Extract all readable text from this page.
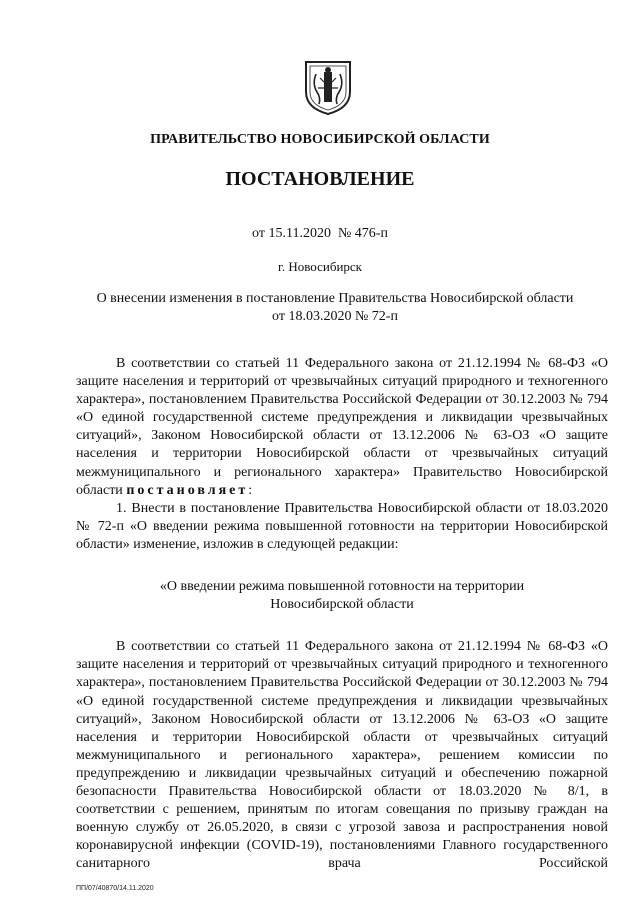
ПРАВИТЕЛЬСТВО НОВОСИБИРСКОЙ ОБЛАСТИ
ПОСТАНОВЛЕНИЕ
от 15.11.2020  № 476-п
г. Новосибирск
О внесении изменения в постановление Правительства Новосибирской области
от 18.03.2020 № 72-п

В соответствии со статьей 11 Федерального закона от 21.12.1994 № 68-ФЗ «О защите населения и территорий от чрезвычайных ситуаций природного и техногенного характера», постановлением Правительства Российской Федерации от 30.12.2003 № 794 «О единой государственной системе предупреждения и ликвидации чрезвычайных ситуаций», Законом Новосибирской области от 13.12.2006 № 63-ОЗ «О защите населения и территории Новосибирской области от чрезвычайных ситуаций межмуниципального и регионального характера» Правительство Новосибирской области постановляет:

1. Внести в постановление Правительства Новосибирской области от 18.03.2020 № 72-п «О введении режима повышенной готовности на территории Новосибирской области» изменение, изложив в следующей редакции:

«О введении режима повышенной готовности на территории
Новосибирской области

В соответствии со статьей 11 Федерального закона от 21.12.1994 № 68-ФЗ «О защите населения и территорий от чрезвычайных ситуаций природного и техногенного характера», постановлением Правительства Российской Федерации от 30.12.2003 № 794 «О единой государственной системе предупреждения и ликвидации чрезвычайных ситуаций», Законом Новосибирской области от 13.12.2006 № 63-ОЗ «О защите населения и территории Новосибирской области от чрезвычайных ситуаций межмуниципального и регионального характера», решением комиссии по предупреждению и ликвидации чрезвычайных ситуаций и обеспечению пожарной безопасности Правительства Новосибирской области от 18.03.2020 № 8/1, в соответствии с решением, принятым по итогам совещания по призыву граждан на военную службу от 26.05.2020, в связи с угрозой завоза и распространения новой коронавирусной инфекции (COVID-19), постановлениями Главного государственного санитарного врача Российской

ПП/07/40870/14.11.2020
